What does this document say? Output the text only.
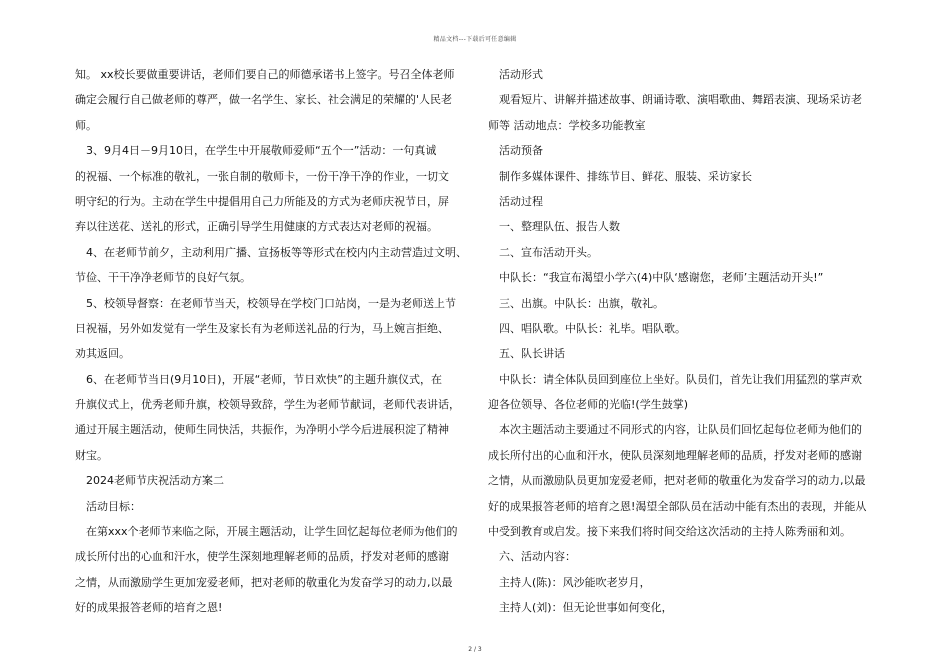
精品文档---下载后可任意编辑
知。 xx校长要做重要讲话，老师们要自己的师德承诺书上签字。号召全体老师
确定会履行自己做老师的尊严，做一名学生、家长、社会满足的荣耀的'人民老
师。
3、9月4日－9月10日，在学生中开展敬师爱师“五个一”活动：一句真诚
的祝福、一个标准的敬礼，一张自制的敬师卡，一份干净干净的作业，一切文
明守纪的行为。主动在学生中提倡用自己力所能及的方式为老师庆祝节日，屏
弃以往送花、送礼的形式，正确引导学生用健康的方式表达对老师的祝福。
4、在老师节前夕，主动利用广播、宣扬板等等形式在校内内主动营造过文明、
节俭、干干净净老师节的良好气氛。
5、校领导督察：在老师节当天，校领导在学校门口站岗，一是为老师送上节
日祝福，另外如发觉有一学生及家长有为老师送礼品的行为，马上婉言拒绝、
劝其返回。
6、在老师节当日(9月10日)，开展“老师，节日欢快”的主题升旗仪式，在
升旗仪式上，优秀老师升旗，校领导致辞，学生为老师节献词，老师代表讲话，
通过开展主题活动，使师生同快活，共振作，为净明小学今后进展积淀了精神
财宝。
2024老师节庆祝活动方案二
活动目标：
在第xxx个老师节来临之际，开展主题活动，让学生回忆起每位老师为他们的
成长所付出的心血和汗水，使学生深刻地理解老师的品质，抒发对老师的感谢
之情，从而激励学生更加宠爱老师，把对老师的敬重化为发奋学习的动力,以最
好的成果报答老师的培育之恩!
活动形式
观看短片、讲解并描述故事、朗诵诗歌、演唱歌曲、舞蹈表演、现场采访老
师等 活动地点：学校多功能教室
活动预备
制作多媒体课件、排练节目、鲜花、服装、采访家长
活动过程
一、整理队伍、报告人数
二、宣布活动开头。
中队长：“我宣布渴望小学六(4)中队‘感谢您，老师’主题活动开头!”
三、出旗。中队长：出旗，敬礼。
四、唱队歌。中队长：礼毕。唱队歌。
五、队长讲话
中队长：请全体队员回到座位上坐好。队员们，首先让我们用猛烈的掌声欢
迎各位领导、各位老师的光临!(学生鼓掌)
本次主题活动主要通过不同形式的内容，让队员们回忆起每位老师为他们的
成长所付出的心血和汗水，使队员深刻地理解老师的品质，抒发对老师的感谢
之情，从而激励队员更加宠爱老师，把对老师的敬重化为发奋学习的动力,以最
好的成果报答老师的培育之恩!渴望全部队员在活动中能有杰出的表现，并能从
中受到教育或启发。接下来我们将时间交给这次活动的主持人陈秀丽和刘。
六、活动内容：
主持人(陈)：风沙能吹老岁月，
主持人(刘)：但无论世事如何变化，
2 / 3
